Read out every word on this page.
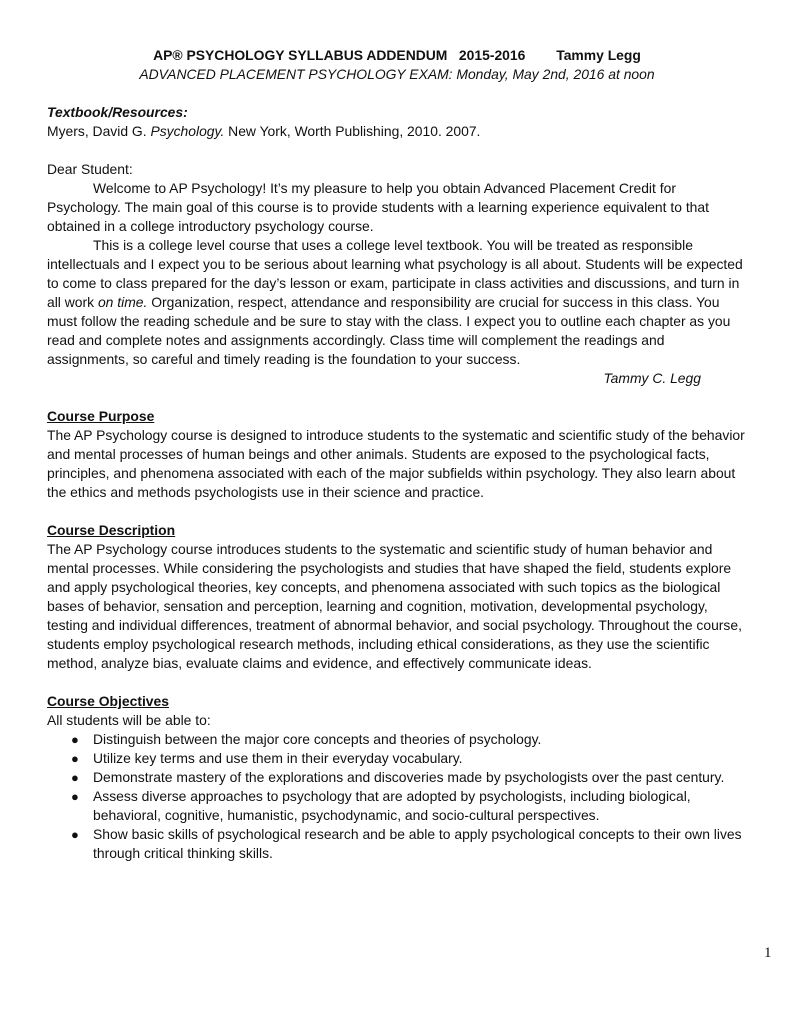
AP® PSYCHOLOGY SYLLABUS ADDENDUM   2015-2016        Tammy Legg
ADVANCED PLACEMENT PSYCHOLOGY EXAM: Monday, May 2nd, 2016 at noon
Textbook/Resources:
Myers, David G. Psychology. New York, Worth Publishing, 2010. 2007.
Dear Student:

Welcome to AP Psychology! It’s my pleasure to help you obtain Advanced Placement Credit for Psychology. The main goal of this course is to provide students with a learning experience equivalent to that obtained in a college introductory psychology course.

This is a college level course that uses a college level textbook. You will be treated as responsible intellectuals and I expect you to be serious about learning what psychology is all about. Students will be expected to come to class prepared for the day’s lesson or exam, participate in class activities and discussions, and turn in all work on time. Organization, respect, attendance and responsibility are crucial for success in this class. You must follow the reading schedule and be sure to stay with the class. I expect you to outline each chapter as you read and complete notes and assignments accordingly. Class time will complement the readings and assignments, so careful and timely reading is the foundation to your success.

Tammy C. Legg
Course Purpose

The AP Psychology course is designed to introduce students to the systematic and scientific study of the behavior and mental processes of human beings and other animals. Students are exposed to the psychological facts, principles, and phenomena associated with each of the major subfields within psychology. They also learn about the ethics and methods psychologists use in their science and practice.

Course Description

The AP Psychology course introduces students to the systematic and scientific study of human behavior and mental processes. While considering the psychologists and studies that have shaped the field, students explore and apply psychological theories, key concepts, and phenomena associated with such topics as the biological bases of behavior, sensation and perception, learning and cognition, motivation, developmental psychology, testing and individual differences, treatment of abnormal behavior, and social psychology. Throughout the course, students employ psychological research methods, including ethical considerations, as they use the scientific method, analyze bias, evaluate claims and evidence, and effectively communicate ideas.

Course Objectives
All students will be able to:
● Distinguish between the major core concepts and theories of psychology.
● Utilize key terms and use them in their everyday vocabulary.
● Demonstrate mastery of the explorations and discoveries made by psychologists over the past century.
● Assess diverse approaches to psychology that are adopted by psychologists, including biological, behavioral, cognitive, humanistic, psychodynamic, and socio-cultural perspectives.
● Show basic skills of psychological research and be able to apply psychological concepts to their own lives through critical thinking skills.
1
